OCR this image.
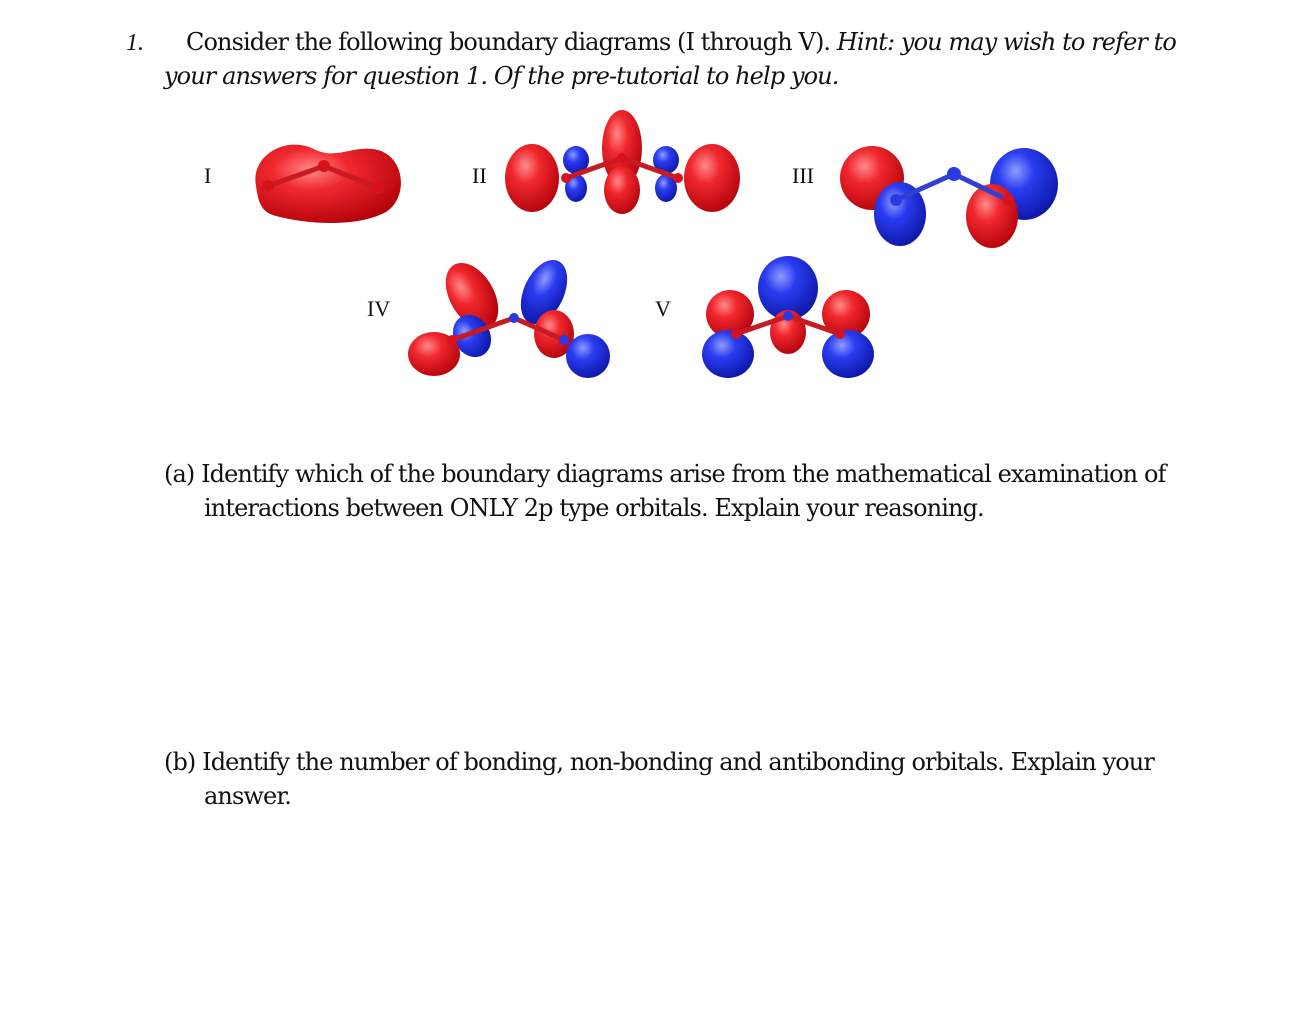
1. Consider the following boundary diagrams (I through V). Hint: you may wish to refer to
your answers for question 1. Of the pre-tutorial to help you.
I	II	III
IV	V
(a) Identify which of the boundary diagrams arise from the mathematical examination of
interactions between ONLY 2p type orbitals. Explain your reasoning.
(b) Identify the number of bonding, non-bonding and antibonding orbitals. Explain your
answer.
